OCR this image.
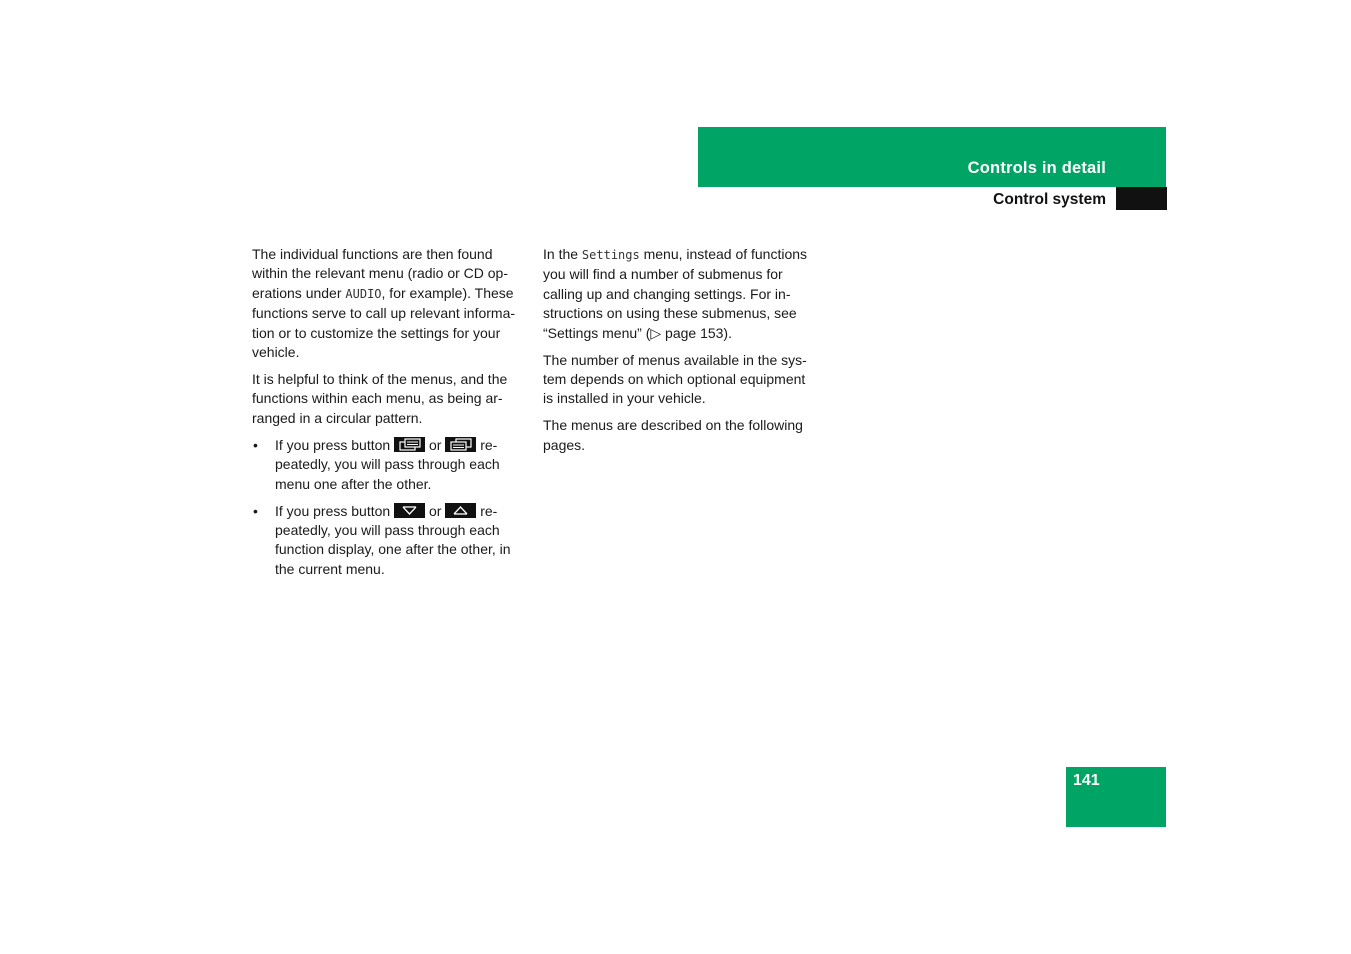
Controls in detail
Control system

The individual functions are then found within the relevant menu (radio or CD op-erations under AUDIO, for example). These functions serve to call up relevant informa-tion or to customize the settings for your vehicle.

It is helpful to think of the menus, and the functions within each menu, as being ar-ranged in a circular pattern.

• If you press button
or
re-peatedly, you will pass through each menu one after the other.
• If you press button
or
re-peatedly, you will pass through each function display, one after the other, in the current menu.

In the Settings menu, instead of functions you will find a number of submenus for calling up and changing settings. For in-structions on using these submenus, see “Settings menu” (▷ page 153).

The number of menus available in the sys-tem depends on which optional equipment is installed in your vehicle.

The menus are described on the following pages.

141
